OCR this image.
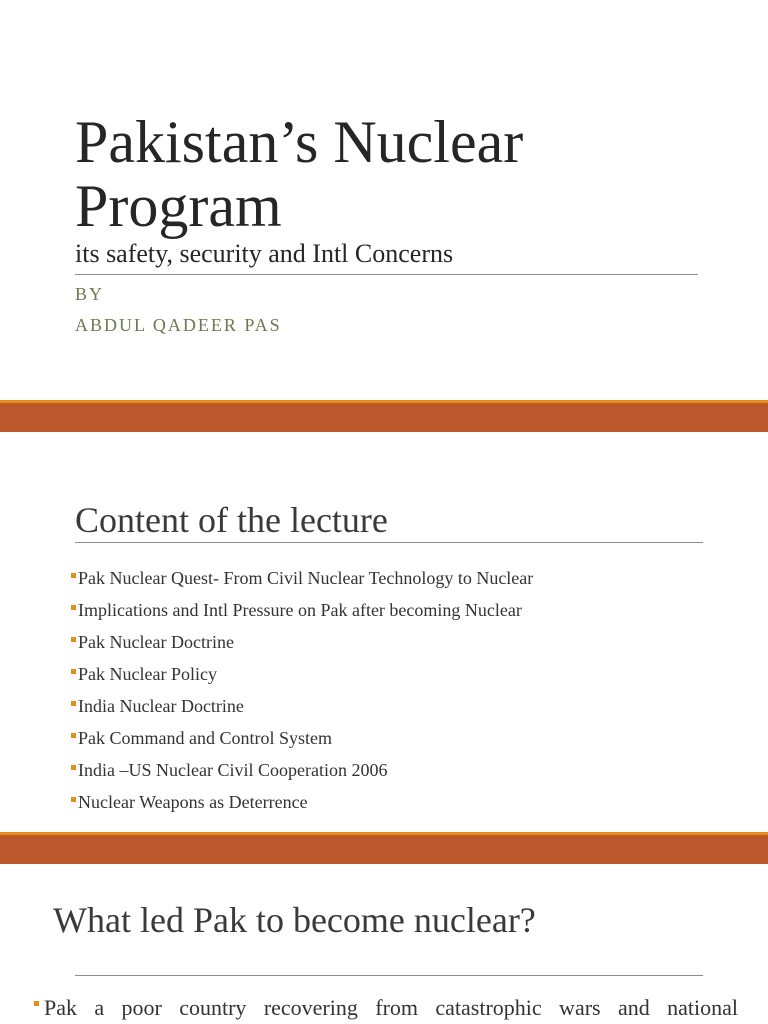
Pakistan’s Nuclear Program
its safety, security and Intl Concerns
BY
ABDUL QADEER PAS
Content of the lecture
Pak Nuclear Quest- From Civil Nuclear Technology to Nuclear
Implications and Intl Pressure on Pak after becoming Nuclear
Pak Nuclear Doctrine
Pak Nuclear Policy
India Nuclear Doctrine
Pak Command and Control System
India –US Nuclear Civil Cooperation 2006
Nuclear Weapons as Deterrence
What led Pak to become nuclear?
Pak a poor country recovering from catastrophic wars and national
